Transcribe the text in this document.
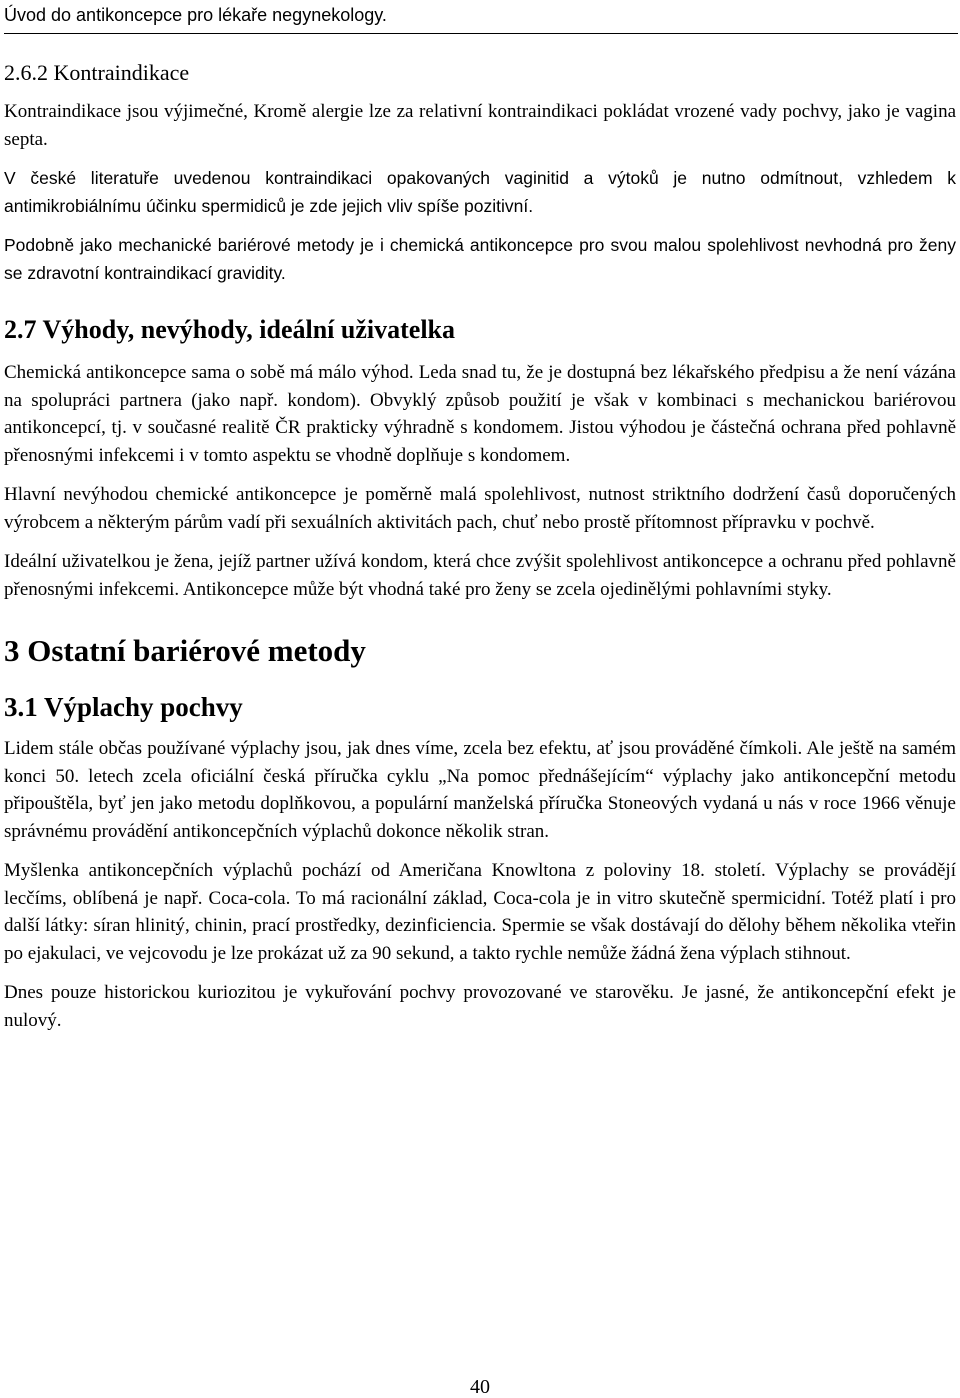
Úvod do antikoncepce pro lékaře negynekology.
2.6.2 Kontraindikace

Kontraindikace jsou výjimečné, Kromě alergie lze za relativní kontraindikaci pokládat vrozené vady pochvy, jako je vagina septa.

V české literatuře uvedenou kontraindikaci opakovaných vaginitid a výtoků je nutno odmítnout, vzhledem k antimikrobiálnímu účinku spermidiců je zde jejich vliv spíše pozitivní.

Podobně jako mechanické bariérové metody je i chemická antikoncepce pro svou malou spolehlivost nevhodná pro ženy se zdravotní kontraindikací gravidity.

2.7 Výhody, nevýhody, ideální uživatelka

Chemická antikoncepce sama o sobě má málo výhod. Leda snad tu, že je dostupná bez lékařského předpisu a že není vázána na spolupráci partnera (jako např. kondom). Obvyklý způsob použití je však v kombinaci s mechanickou bariérovou antikoncepcí, tj. v současné realitě ČR prakticky výhradně s kondomem. Jistou výhodou je částečná ochrana před pohlavně přenosnými infekcemi i v tomto aspektu se vhodně doplňuje s kondomem.

Hlavní nevýhodou chemické antikoncepce je poměrně malá spolehlivost, nutnost striktního dodržení časů doporučených výrobcem a některým párům vadí při sexuálních aktivitách pach, chuť nebo prostě přítomnost přípravku v pochvě.

Ideální uživatelkou je žena, jejíž partner užívá kondom, která chce zvýšit spolehlivost antikoncepce a ochranu před pohlavně přenosnými infekcemi. Antikoncepce může být vhodná také pro ženy se zcela ojedinělými pohlavními styky.

3 Ostatní bariérové metody
3.1 Výplachy pochvy

Lidem stále občas používané výplachy jsou, jak dnes víme, zcela bez efektu, ať jsou prováděné čímkoli. Ale ještě na samém konci 50. letech zcela oficiální česká příručka cyklu „Na pomoc přednášejícím“ výplachy jako antikoncepční metodu připouštěla, byť jen jako metodu doplňkovou, a populární manželská příručka Stoneových vydaná u nás v roce 1966 věnuje správnému provádění antikoncepčních výplachů dokonce několik stran.

Myšlenka antikoncepčních výplachů pochází od Američana Knowltona z poloviny 18. století. Výplachy se provádějí lecčíms, oblíbená je např. Coca-cola. To má racionální základ, Coca-cola je in vitro skutečně spermicidní. Totéž platí i pro další látky: síran hlinitý, chinin, prací prostředky, dezinficiencia. Spermie se však dostávají do dělohy během několika vteřin po ejakulaci, ve vejcovodu je lze prokázat už za 90 sekund, a takto rychle nemůže žádná žena výplach stihnout.

Dnes pouze historickou kuriozitou je vykuřování pochvy provozované ve starověku. Je jasné, že antikoncepční efekt je nulový.

40
